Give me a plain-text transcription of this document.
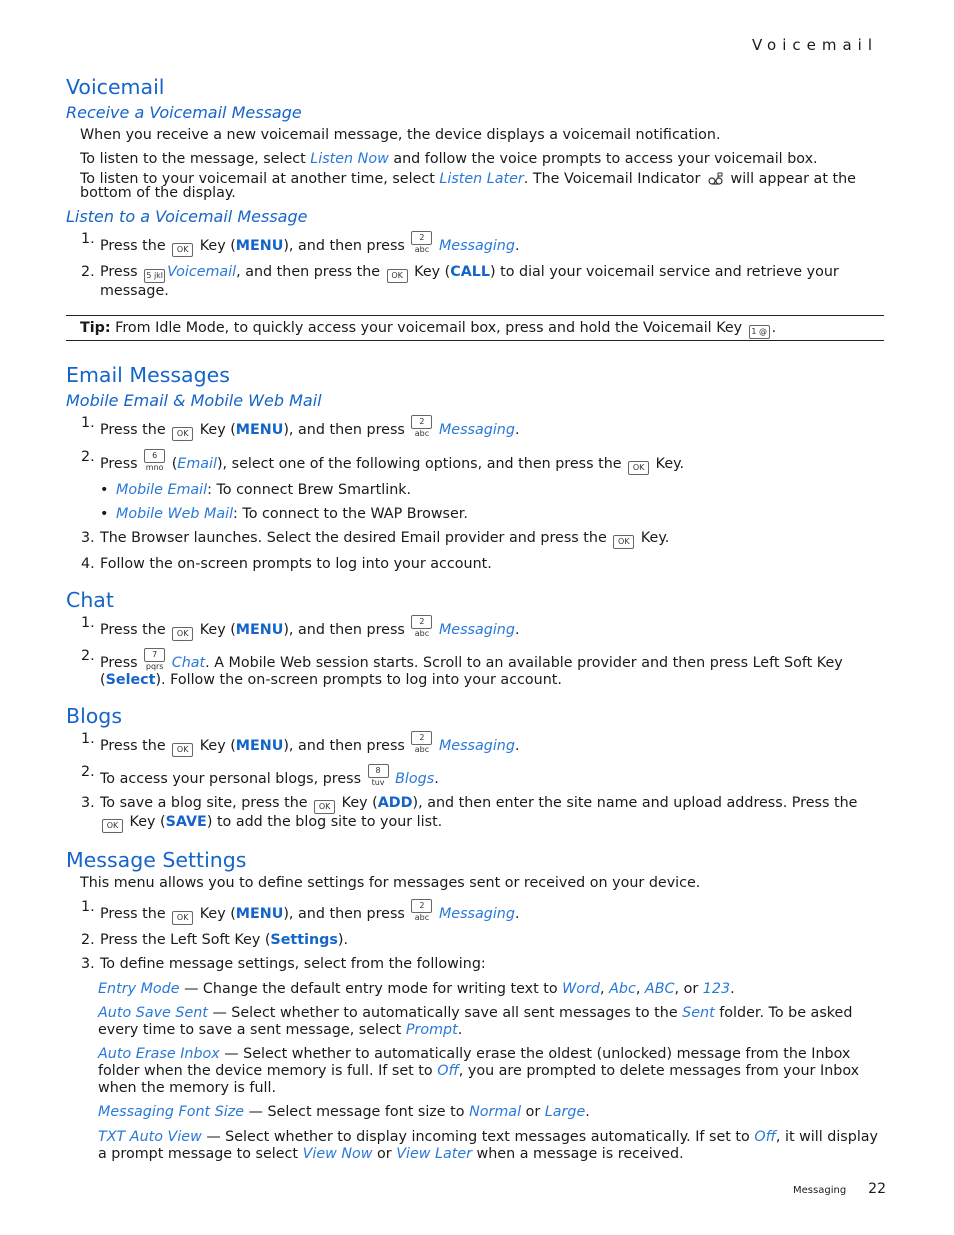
Voicemail
Voicemail
Receive a Voicemail Message

When you receive a new voicemail message, the device displays a voicemail notification.

To listen to the message, select Listen Now and follow the voice prompts to access your voicemail box.

To listen to your voicemail at another time, select Listen Later. The Voicemail Indicator  will appear at the bottom of the display.

Listen to a Voicemail Message
1. Press the OK Key (MENU), and then press 2 abc Messaging.
2. Press 5 jkl Voicemail, and then press the OK Key (CALL) to dial your voicemail service and retrieve your message.
Tip: From Idle Mode, to quickly access your voicemail box, press and hold the Voicemail Key 1 @ .
Email Messages
Mobile Email & Mobile Web Mail
1. Press the OK Key (MENU), and then press 2 abc Messaging.
2. Press 6 mno (Email), select one of the following options, and then press the OK Key.
• Mobile Email: To connect Brew Smartlink.
• Mobile Web Mail: To connect to the WAP Browser.
3. The Browser launches. Select the desired Email provider and press the OK Key.
4. Follow the on-screen prompts to log into your account.
Chat
1. Press the OK Key (MENU), and then press 2 abc Messaging.
2. Press 7 pqrs Chat. A Mobile Web session starts. Scroll to an available provider and then press Left Soft Key (Select). Follow the on-screen prompts to log into your account.
Blogs
1. Press the OK Key (MENU), and then press 2 abc Messaging.
2. To access your personal blogs, press 8 tuv Blogs.
3. To save a blog site, press the OK Key (ADD), and then enter the site name and upload address. Press the OK Key (SAVE) to add the blog site to your list.
Message Settings

This menu allows you to define settings for messages sent or received on your device.

1. Press the OK Key (MENU), and then press 2 abc Messaging.
2. Press the Left Soft Key (Settings).
3. To define message settings, select from the following:

Entry Mode — Change the default entry mode for writing text to Word, Abc, ABC, or 123.

Auto Save Sent — Select whether to automatically save all sent messages to the Sent folder. To be asked every time to save a sent message, select Prompt.

Auto Erase Inbox — Select whether to automatically erase the oldest (unlocked) message from the Inbox folder when the device memory is full. If set to Off, you are prompted to delete messages from your Inbox when the memory is full.

Messaging Font Size — Select message font size to Normal or Large.

TXT Auto View — Select whether to display incoming text messages automatically. If set to Off, it will display a prompt message to select View Now or View Later when a message is received.

Messaging 22
